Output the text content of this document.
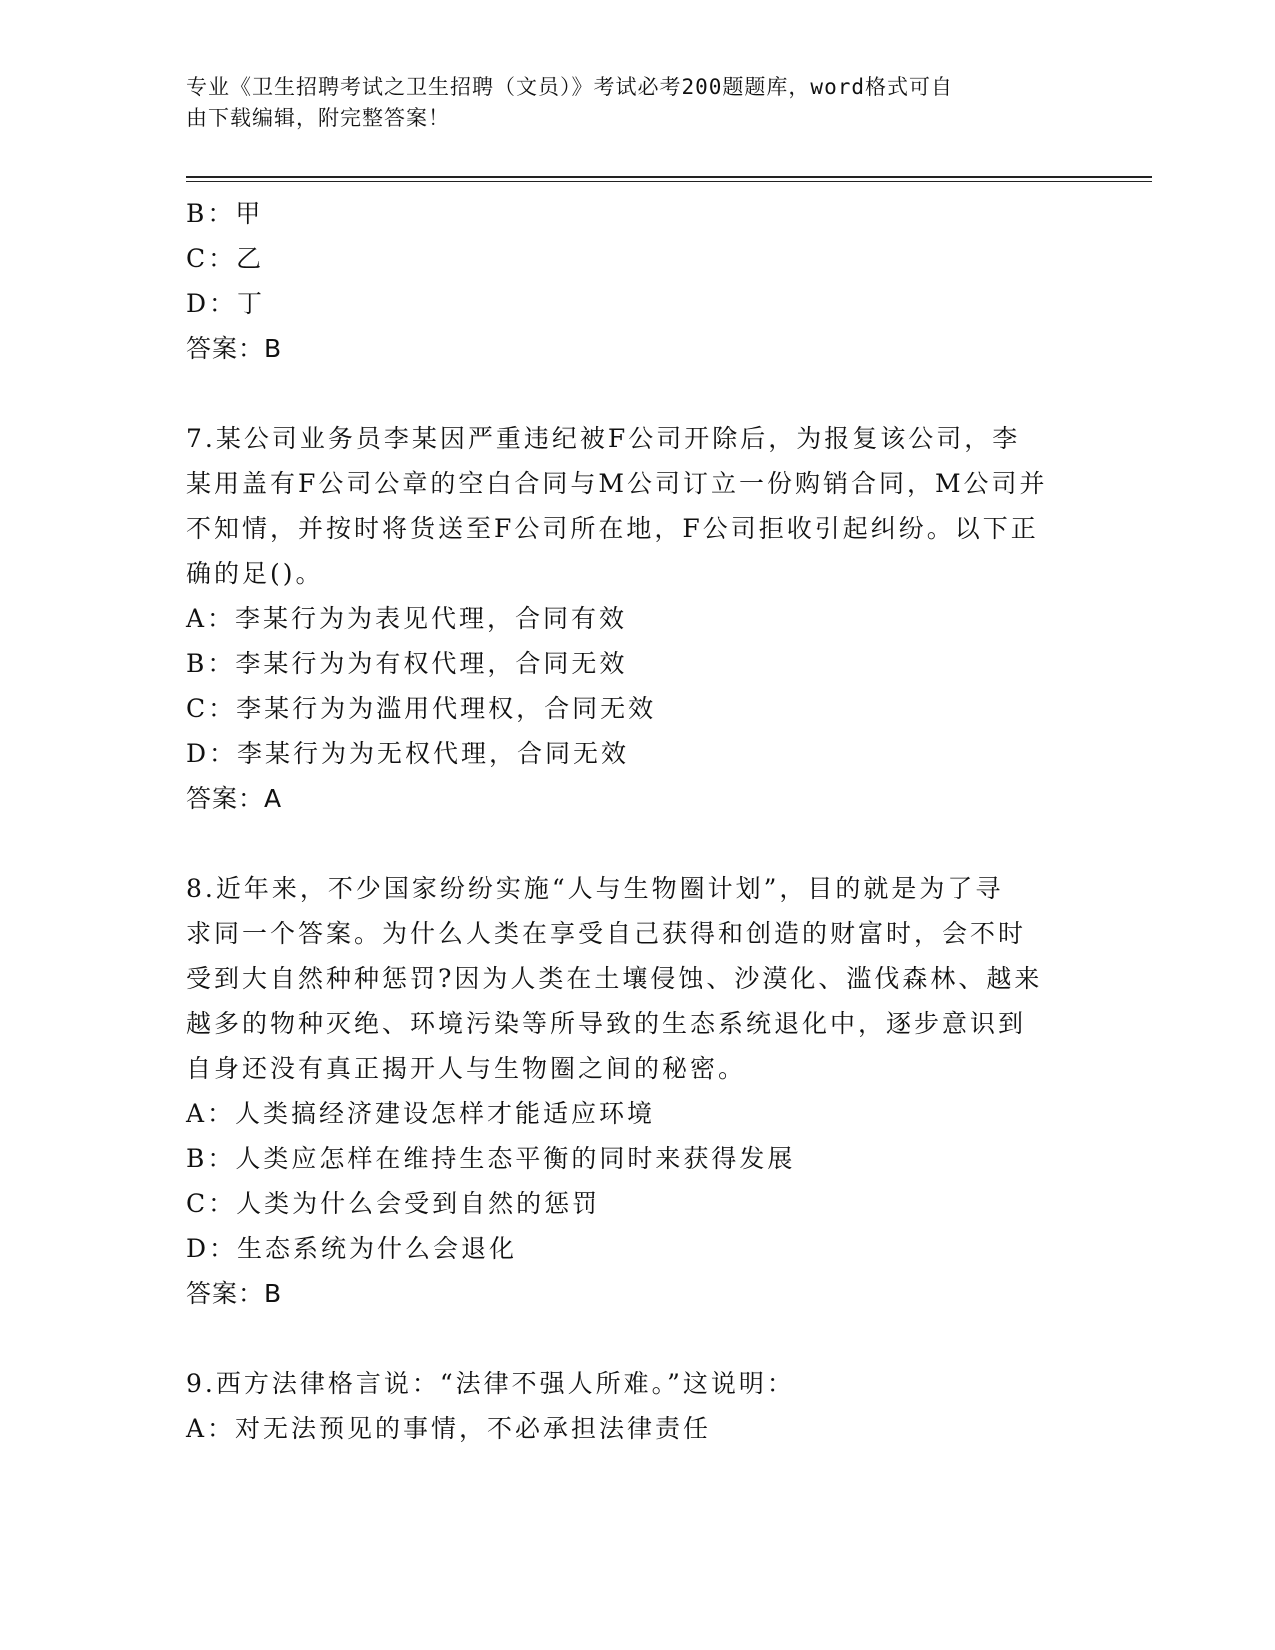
专业《卫生招聘考试之卫生招聘（文员）》考试必考200题题库，word格式可自
由下载编辑，附完整答案！
B：甲
C：乙
D：丁
答案：B
7.某公司业务员李某因严重违纪被F公司开除后，为报复该公司，李
某用盖有F公司公章的空白合同与M公司订立一份购销合同，M公司并
不知情，并按时将货送至F公司所在地，F公司拒收引起纠纷。以下正
确的足()。
A：李某行为为表见代理，合同有效
B：李某行为为有权代理，合同无效
C：李某行为为滥用代理权，合同无效
D：李某行为为无权代理，合同无效
答案：A
8.近年来，不少国家纷纷实施“人与生物圈计划”，目的就是为了寻
求同一个答案。为什么人类在享受自己获得和创造的财富时，会不时
受到大自然种种惩罚?因为人类在土壤侵蚀、沙漠化、滥伐森林、越来
越多的物种灭绝、环境污染等所导致的生态系统退化中，逐步意识到
自身还没有真正揭开人与生物圈之间的秘密。
A：人类搞经济建设怎样才能适应环境
B：人类应怎样在维持生态平衡的同时来获得发展
C：人类为什么会受到自然的惩罚
D：生态系统为什么会退化
答案：B
9.西方法律格言说：“法律不强人所难。”这说明：
A：对无法预见的事情，不必承担法律责任
